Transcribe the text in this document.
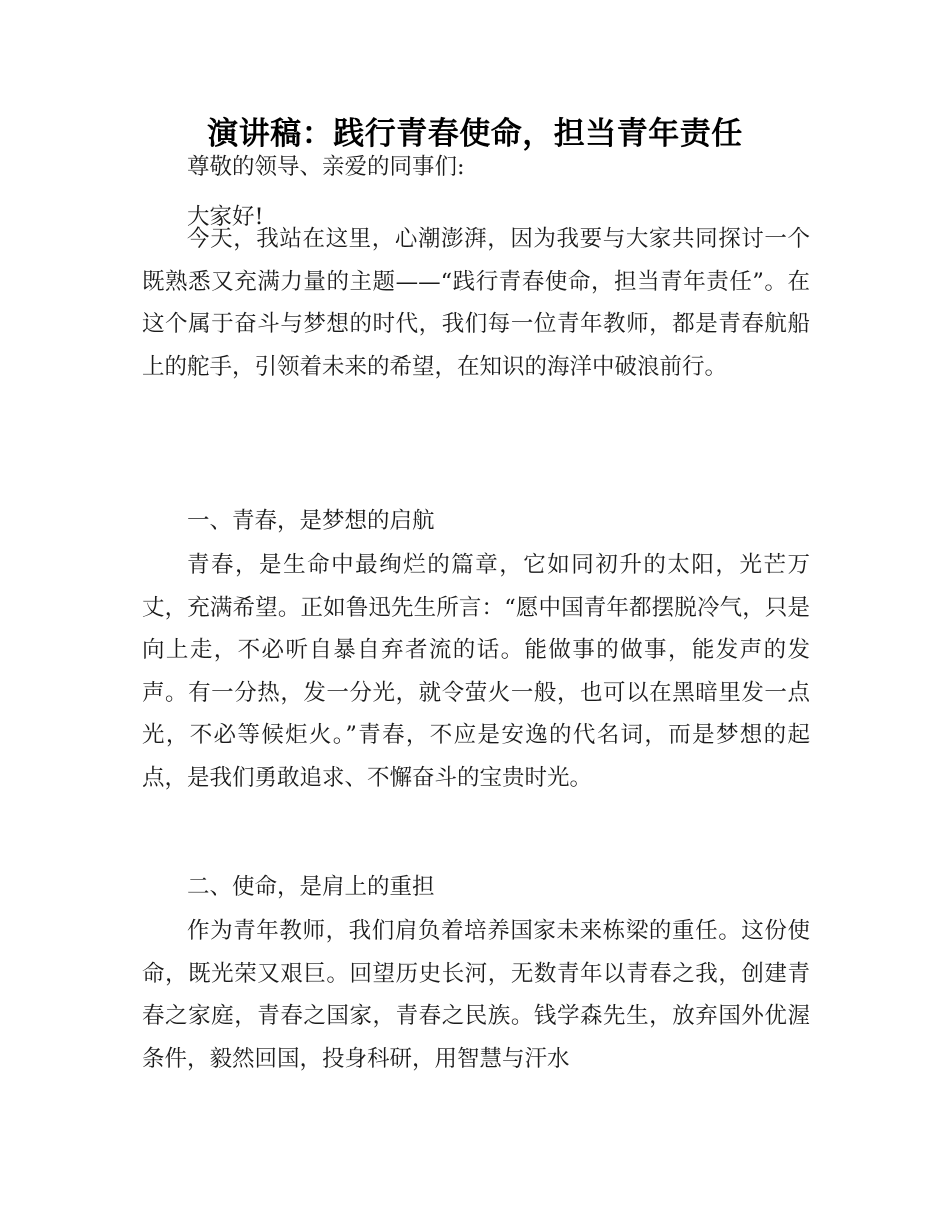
演讲稿：践行青春使命，担当青年责任

尊敬的领导、亲爱的同事们:

大家好!

今天，我站在这里，心潮澎湃，因为我要与大家共同探讨一个既熟悉又充满力量的主题——“践行青春使命，担当青年责任”。在这个属于奋斗与梦想的时代，我们每一位青年教师，都是青春航船上的舵手，引领着未来的希望，在知识的海洋中破浪前行。

一、青春，是梦想的启航

青春，是生命中最绚烂的篇章，它如同初升的太阳，光芒万丈，充满希望。正如鲁迅先生所言：“愿中国青年都摆脱冷气，只是向上走，不必听自暴自弃者流的话。能做事的做事，能发声的发声。有一分热，发一分光，就令萤火一般，也可以在黑暗里发一点光，不必等候炬火。”青春，不应是安逸的代名词，而是梦想的起点，是我们勇敢追求、不懈奋斗的宝贵时光。

二、使命，是肩上的重担

作为青年教师，我们肩负着培养国家未来栋梁的重任。这份使命，既光荣又艰巨。回望历史长河，无数青年以青春之我，创建青春之家庭，青春之国家，青春之民族。钱学森先生，放弃国外优渥条件，毅然回国，投身科研，用智慧与汗水
